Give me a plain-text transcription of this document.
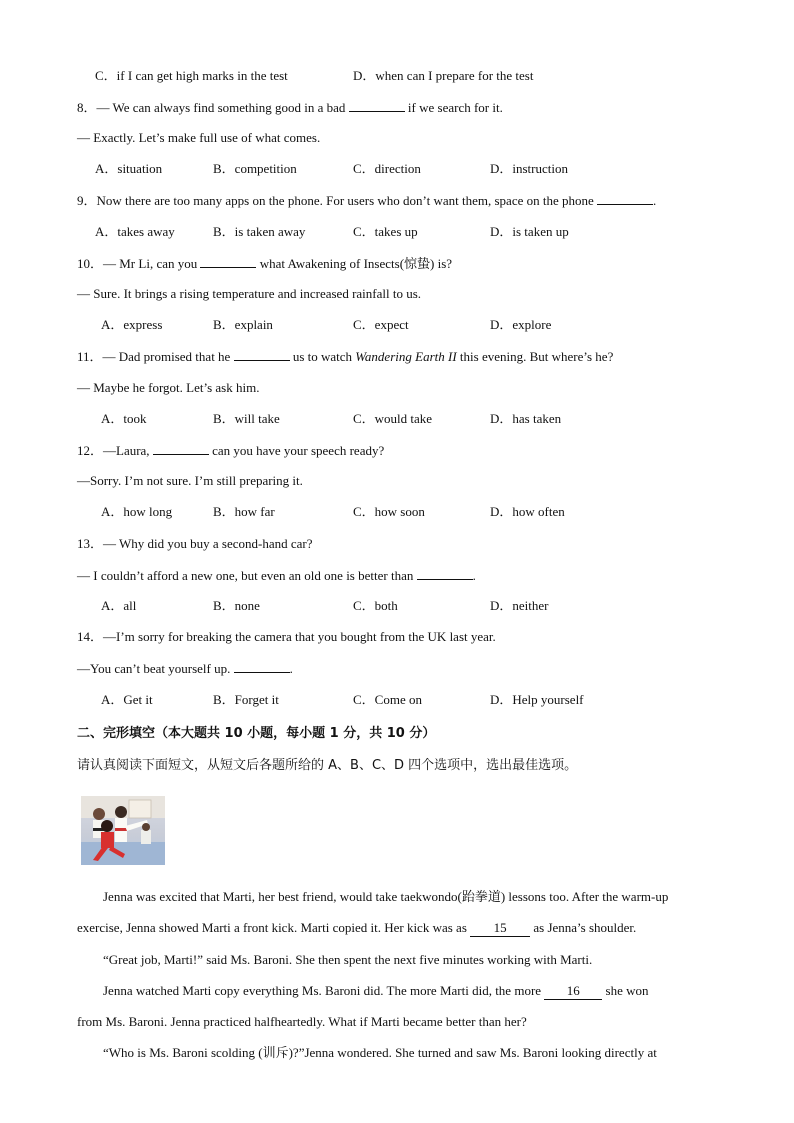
C．if I can get high marks in the test	D．when can I prepare for the test
8．— We can always find something good in a bad	if we search for it.
— Exactly. Let’s make full use of what comes.
A．situation	B．competition	C．direction	D．instruction
9．Now there are too many apps on the phone. For users who don’t want them, space on the phone	.
A．takes away	B．is taken away	C．takes up	D．is taken up
10．— Mr Li, can you	what Awakening of Insects(惊蛰) is?
— Sure. It brings a rising temperature and increased rainfall to us.
A．express	B．explain	C．expect	D．explore
11．— Dad promised that he	us to watch Wandering Earth II this evening. But where’s he?
— Maybe he forgot. Let’s ask him.
A．took	B．will take	C．would take	D．has taken
12．—Laura,	can you have your speech ready?
—Sorry. I’m not sure. I’m still preparing it.
A．how long	B．how far	C．how soon	D．how often
13．— Why did you buy a second-hand car?
— I couldn’t afford a new one, but even an old one is better than	.
A．all	B．none	C．both	D．neither
14．—I’m sorry for breaking the camera that you bought from the UK last year.
—You can’t beat yourself up.	.
A．Get it	B．Forget it	C．Come on	D．Help yourself
二、完形填空（本大题共 10 小题，每小题 1 分，共 10 分）
请认真阅读下面短文，从短文后各题所给的 A、B、C、D 四个选项中，选出最佳选项。
Jenna was excited that Marti, her best friend, would take taekwondo(跆拳道) lessons too. After the warm-up
exercise, Jenna showed Marti a front kick. Marti copied it. Her kick was as 15 as Jenna’s shoulder.
“Great job, Marti!” said Ms. Baroni. She then spent the next five minutes working with Marti.
Jenna watched Marti copy everything Ms. Baroni did. The more Marti did, the more 16 she won
from Ms. Baroni. Jenna practiced halfheartedly. What if Marti became better than her?
“Who is Ms. Baroni scolding (训斥)?”Jenna wondered. She turned and saw Ms. Baroni looking directly at
